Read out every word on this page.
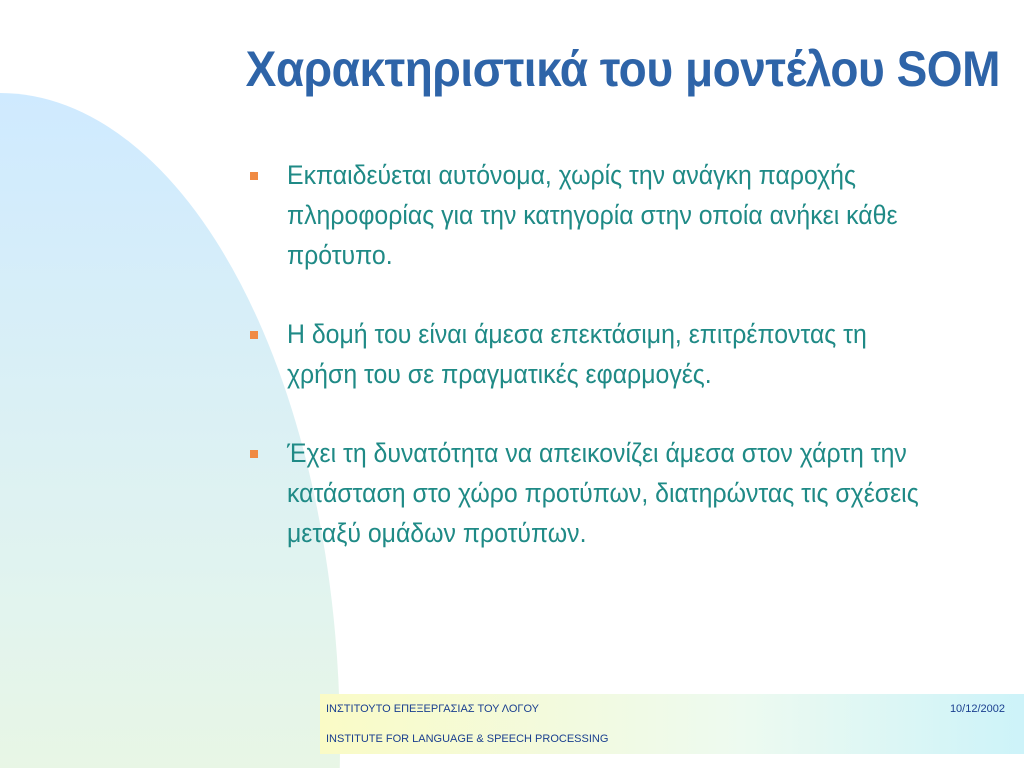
Χαρακτηριστικά του μοντέλου SOM
Εκπαιδεύεται αυτόνομα, χωρίς την ανάγκη παροχής πληροφορίας για την κατηγορία στην οποία ανήκει κάθε πρότυπο.
Η δομή του είναι άμεσα επεκτάσιμη, επιτρέποντας τη χρήση του σε πραγματικές εφαρμογές.
Έχει τη δυνατότητα να απεικονίζει άμεσα στον χάρτη την κατάσταση στο χώρο προτύπων, διατηρώντας τις σχέσεις μεταξύ ομάδων προτύπων.
ΙΝΣΤΙΤΟΥΤΟ ΕΠΕΞΕΡΓΑΣΙΑΣ ΤΟΥ ΛΟΓΟΥ	10/12/2002
INSTITUTE FOR LANGUAGE & SPEECH PROCESSING
